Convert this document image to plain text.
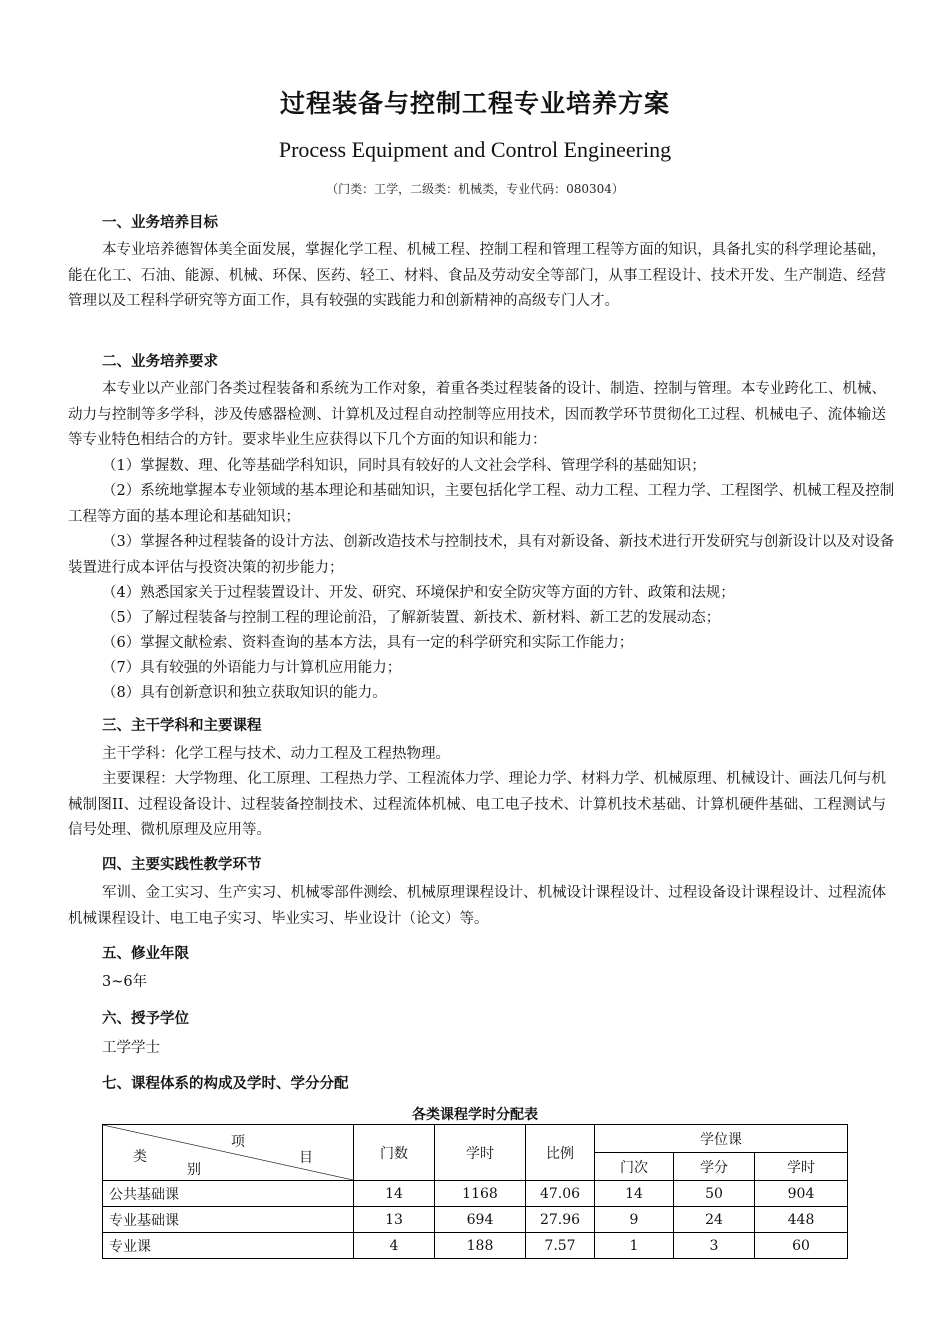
过程装备与控制工程专业培养方案
Process Equipment and Control Engineering
（门类：工学，二级类：机械类，专业代码：080304）
一、业务培养目标
本专业培养德智体美全面发展，掌握化学工程、机械工程、控制工程和管理工程等方面的知识，具备扎实的科学理论基础，能在化工、石油、能源、机械、环保、医药、轻工、材料、食品及劳动安全等部门，从事工程设计、技术开发、生产制造、经营管理以及工程科学研究等方面工作，具有较强的实践能力和创新精神的高级专门人才。
二、业务培养要求
本专业以产业部门各类过程装备和系统为工作对象，着重各类过程装备的设计、制造、控制与管理。本专业跨化工、机械、动力与控制等多学科，涉及传感器检测、计算机及过程自动控制等应用技术，因而教学环节贯彻化工过程、机械电子、流体输送等专业特色相结合的方针。要求毕业生应获得以下几个方面的知识和能力：
（1）掌握数、理、化等基础学科知识，同时具有较好的人文社会学科、管理学科的基础知识；
（2）系统地掌握本专业领域的基本理论和基础知识，主要包括化学工程、动力工程、工程力学、工程图学、机械工程及控制工程等方面的基本理论和基础知识；
（3）掌握各种过程装备的设计方法、创新改造技术与控制技术，具有对新设备、新技术进行开发研究与创新设计以及对设备装置进行成本评估与投资决策的初步能力；
（4）熟悉国家关于过程装置设计、开发、研究、环境保护和安全防灾等方面的方针、政策和法规；
（5）了解过程装备与控制工程的理论前沿，了解新装置、新技术、新材料、新工艺的发展动态；
（6）掌握文献检索、资料查询的基本方法，具有一定的科学研究和实际工作能力；
（7）具有较强的外语能力与计算机应用能力；
（8）具有创新意识和独立获取知识的能力。
三、主干学科和主要课程
主干学科：化学工程与技术、动力工程及工程热物理。
主要课程：大学物理、化工原理、工程热力学、工程流体力学、理论力学、材料力学、机械原理、机械设计、画法几何与机械制图II、过程设备设计、过程装备控制技术、过程流体机械、电工电子技术、计算机技术基础、计算机硬件基础、工程测试与信号处理、微机原理及应用等。
四、主要实践性教学环节
军训、金工实习、生产实习、机械零部件测绘、机械原理课程设计、机械设计课程设计、过程设备设计课程设计、过程流体机械课程设计、电工电子实习、毕业实习、毕业设计（论文）等。
五、修业年限
3~6年
六、授予学位
工学学士
七、课程体系的构成及学时、学分分配
各类课程学时分配表
项
目
类
别	门数	学时	比例	学位课		
				门次	学分	学时
公共基础课	14	1168	47.06	14	50	904
专业基础课	13	694	27.96	9	24	448
专业课	4	188	7.57	1	3	60
